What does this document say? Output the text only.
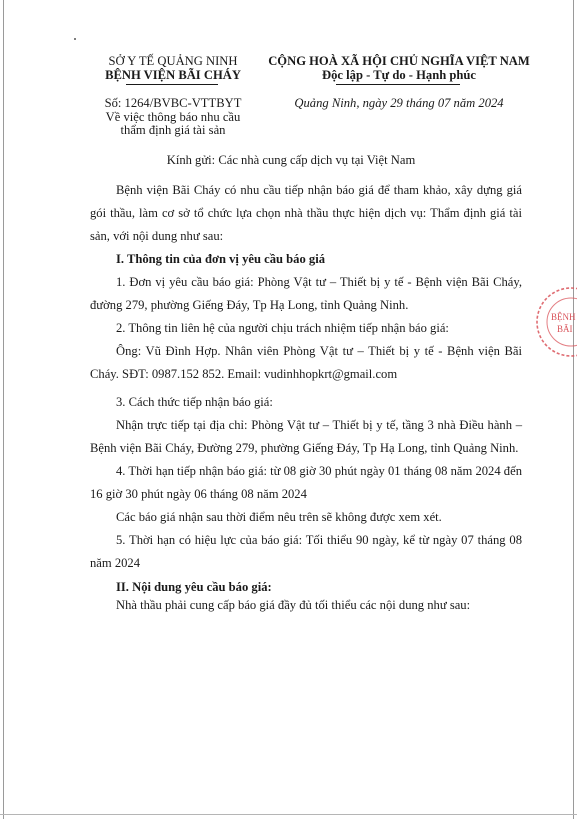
SỞ Y TẾ QUẢNG NINH
BỆNH VIỆN BÃI CHÁY
Số: 1264/BVBC-VTTBYT
Về việc thông báo nhu cầu
thẩm định giá tài sản
CỘNG HOÀ XÃ HỘI CHỦ NGHĨA VIỆT NAM
Độc lập - Tự do - Hạnh phúc
Quảng Ninh, ngày 29 tháng 07 năm 2024
Kính gửi: Các nhà cung cấp dịch vụ tại Việt Nam

Bệnh viện Bãi Cháy có nhu cầu tiếp nhận báo giá để tham khảo, xây dựng giá gói thầu, làm cơ sở tổ chức lựa chọn nhà thầu thực hiện dịch vụ: Thẩm định giá tài sản, với nội dung như sau:

I. Thông tin của đơn vị yêu cầu báo giá

1. Đơn vị yêu cầu báo giá: Phòng Vật tư – Thiết bị y tế - Bệnh viện Bãi Cháy, đường 279, phường Giếng Đáy, Tp Hạ Long, tỉnh Quảng Ninh.

2. Thông tin liên hệ của người chịu trách nhiệm tiếp nhận báo giá:

Ông: Vũ Đình Hợp. Nhân viên Phòng Vật tư – Thiết bị y tế - Bệnh viện Bãi Cháy. SĐT: 0987.152 852. Email: vudinhhopkrt@gmail.com

3. Cách thức tiếp nhận báo giá:

Nhận trực tiếp tại địa chỉ: Phòng Vật tư – Thiết bị y tế, tầng 3 nhà Điều hành – Bệnh viện Bãi Cháy, Đường 279, phường Giếng Đáy, Tp Hạ Long, tỉnh Quảng Ninh.

4. Thời hạn tiếp nhận báo giá: từ 08 giờ 30 phút ngày 01 tháng 08 năm 2024 đến 16 giờ 30 phút ngày 06 tháng 08 năm 2024

Các báo giá nhận sau thời điểm nêu trên sẽ không được xem xét.

5. Thời hạn có hiệu lực của báo giá: Tối thiểu 90 ngày, kể từ ngày 07 tháng 08 năm 2024

II. Nội dung yêu cầu báo giá:

Nhà thầu phải cung cấp báo giá đầy đủ tối thiểu các nội dung như sau:

BỆNH
BÃI
